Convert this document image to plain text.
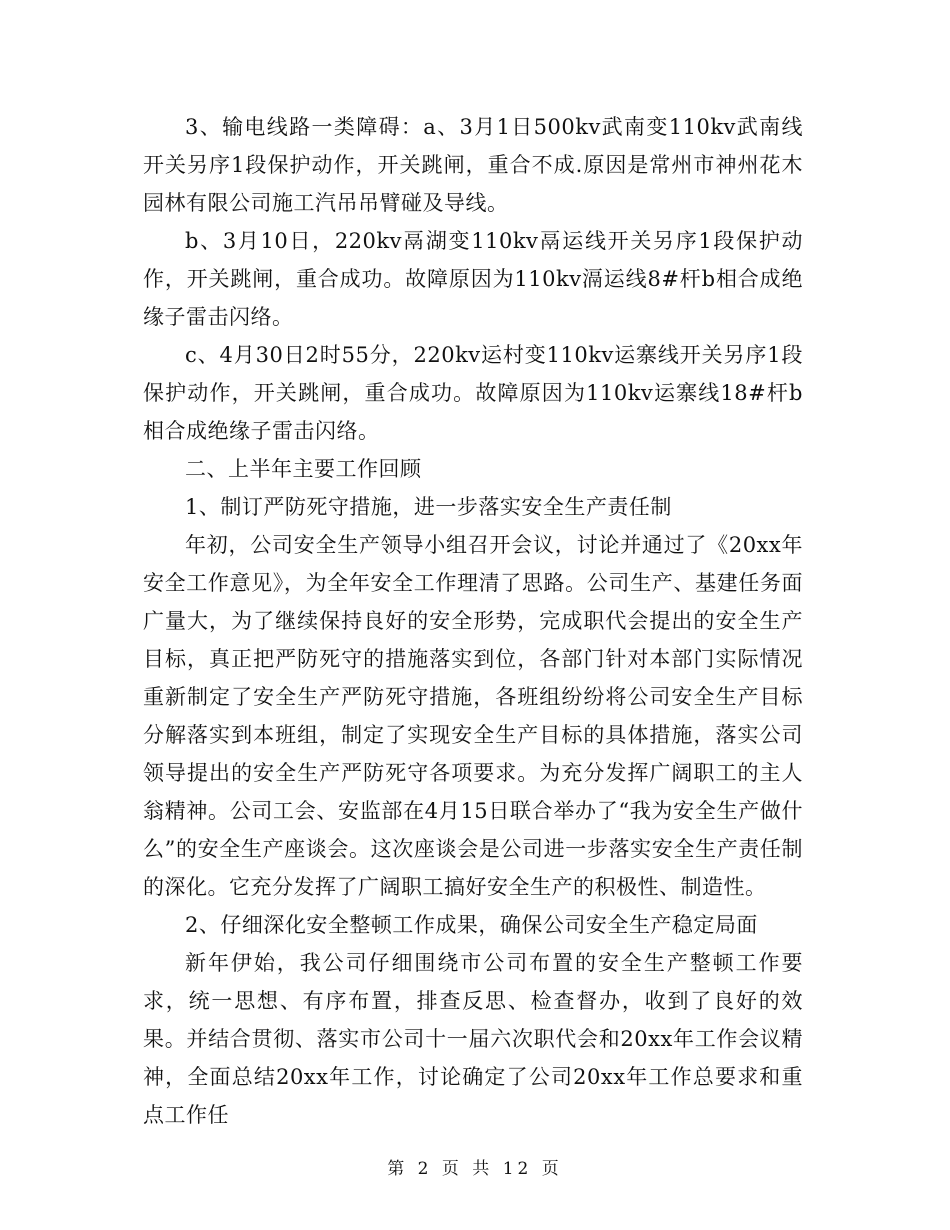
3、输电线路一类障碍：a、3月1日500kv武南变110kv武南线开关另序1段保护动作，开关跳闸，重合不成.原因是常州市神州花木园林有限公司施工汽吊吊臂碰及导线。

b、3月10日，220kv鬲湖变110kv鬲运线开关另序1段保护动作，开关跳闸，重合成功。故障原因为110kv滆运线8#杆b相合成绝缘子雷击闪络。

c、4月30日2时55分，220kv运村变110kv运寨线开关另序1段保护动作，开关跳闸，重合成功。故障原因为110kv运寨线18#杆b相合成绝缘子雷击闪络。

二、上半年主要工作回顾

1、制订严防死守措施，进一步落实安全生产责任制

年初，公司安全生产领导小组召开会议，讨论并通过了《20xx年安全工作意见》，为全年安全工作理清了思路。公司生产、基建任务面广量大，为了继续保持良好的安全形势，完成职代会提出的安全生产目标，真正把严防死守的措施落实到位，各部门针对本部门实际情况重新制定了安全生产严防死守措施，各班组纷纷将公司安全生产目标分解落实到本班组，制定了实现安全生产目标的具体措施，落实公司领导提出的安全生产严防死守各项要求。为充分发挥广阔职工的主人翁精神。公司工会、安监部在4月15日联合举办了“我为安全生产做什么”的安全生产座谈会。这次座谈会是公司进一步落实安全生产责任制的深化。它充分发挥了广阔职工搞好安全生产的积极性、制造性。

2、仔细深化安全整顿工作成果，确保公司安全生产稳定局面

新年伊始，我公司仔细围绕市公司布置的安全生产整顿工作要求，统一思想、有序布置，排查反思、检查督办，收到了良好的效果。并结合贯彻、落实市公司十一届六次职代会和20xx年工作会议精神，全面总结20xx年工作，讨论确定了公司20xx年工作总要求和重点工作任

第 2 页 共 12 页
